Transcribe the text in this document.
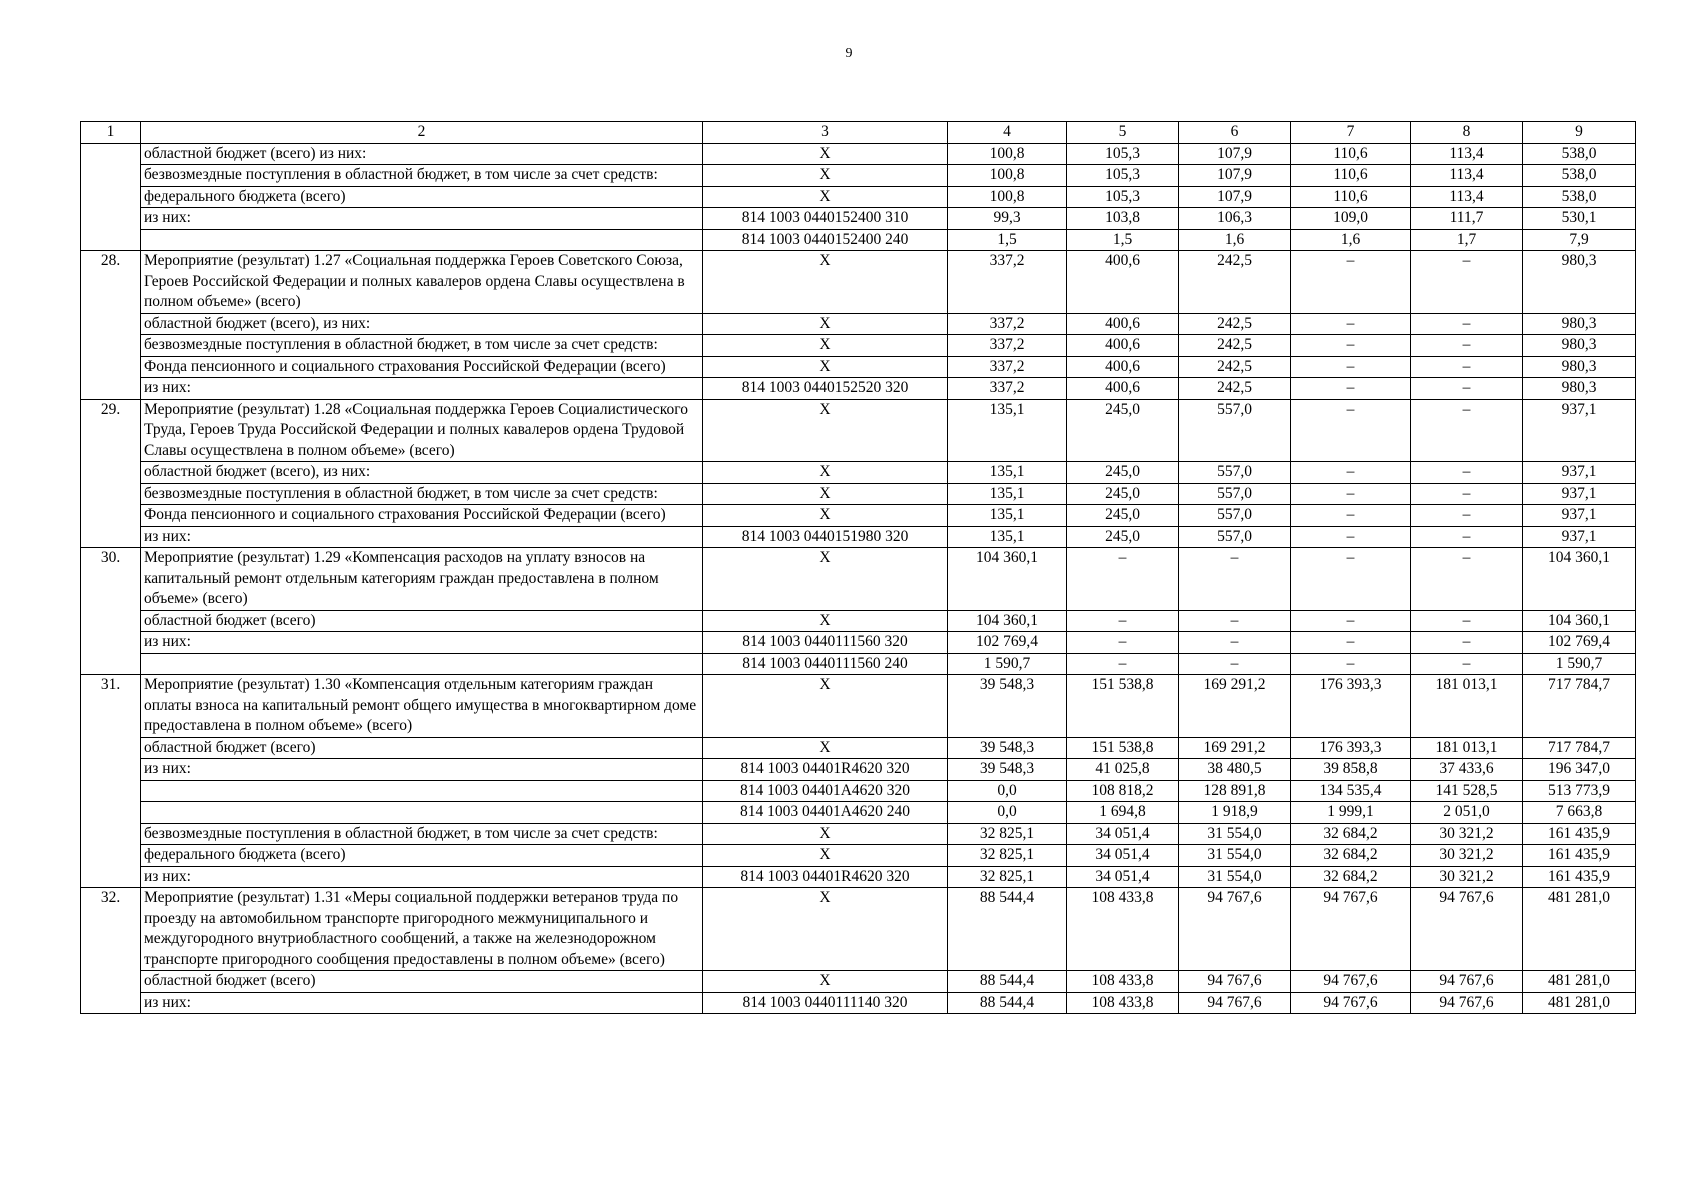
9
1	2	3	4	5	6	7	8	9
	областной бюджет (всего) из них:	Х	100,8	105,3	107,9	110,6	113,4	538,0
	безвозмездные поступления в областной бюджет, в том числе за счет средств:	Х	100,8	105,3	107,9	110,6	113,4	538,0
	федерального бюджета (всего)	Х	100,8	105,3	107,9	110,6	113,4	538,0
	из них:	814 1003 0440152400 310	99,3	103,8	106,3	109,0	111,7	530,1
		814 1003 0440152400 240	1,5	1,5	1,6	1,6	1,7	7,9
28.	Мероприятие (результат) 1.27 «Социальная поддержка Героев Советского Союза, Героев Российской Федерации и полных кавалеров ордена Славы осуществлена в полном объеме» (всего)	Х	337,2	400,6	242,5	–	–	980,3
	областной бюджет (всего), из них:	Х	337,2	400,6	242,5	–	–	980,3
	безвозмездные поступления в областной бюджет, в том числе за счет средств:	Х	337,2	400,6	242,5	–	–	980,3
	Фонда пенсионного и социального страхования Российской Федерации (всего)	Х	337,2	400,6	242,5	–	–	980,3
	из них:	814 1003 0440152520 320	337,2	400,6	242,5	–	–	980,3
29.	Мероприятие (результат) 1.28 «Социальная поддержка Героев Социалистического Труда, Героев Труда Российской Федерации и полных кавалеров ордена Трудовой Славы осуществлена в полном объеме» (всего)	Х	135,1	245,0	557,0	–	–	937,1
	областной бюджет (всего), из них:	Х	135,1	245,0	557,0	–	–	937,1
	безвозмездные поступления в областной бюджет, в том числе за счет средств:	Х	135,1	245,0	557,0	–	–	937,1
	Фонда пенсионного и социального страхования Российской Федерации (всего)	Х	135,1	245,0	557,0	–	–	937,1
	из них:	814 1003 0440151980 320	135,1	245,0	557,0	–	–	937,1
30.	Мероприятие (результат) 1.29 «Компенсация расходов на уплату взносов на капитальный ремонт отдельным категориям граждан предоставлена в полном объеме» (всего)	Х	104 360,1	–	–	–	–	104 360,1
	областной бюджет (всего)	Х	104 360,1	–	–	–	–	104 360,1
	из них:	814 1003 0440111560 320	102 769,4	–	–	–	–	102 769,4
		814 1003 0440111560 240	1 590,7	–	–	–	–	1 590,7
31.	Мероприятие (результат) 1.30 «Компенсация отдельным категориям граждан оплаты взноса на капитальный ремонт общего имущества в многоквартирном доме предоставлена в полном объеме» (всего)	Х	39 548,3	151 538,8	169 291,2	176 393,3	181 013,1	717 784,7
	областной бюджет (всего)	Х	39 548,3	151 538,8	169 291,2	176 393,3	181 013,1	717 784,7
	из них:	814 1003 04401R4620 320	39 548,3	41 025,8	38 480,5	39 858,8	37 433,6	196 347,0
		814 1003 04401А4620 320	0,0	108 818,2	128 891,8	134 535,4	141 528,5	513 773,9
		814 1003 04401А4620 240	0,0	1 694,8	1 918,9	1 999,1	2 051,0	7 663,8
	безвозмездные поступления в областной бюджет, в том числе за счет средств:	Х	32 825,1	34 051,4	31 554,0	32 684,2	30 321,2	161 435,9
	федерального бюджета (всего)	Х	32 825,1	34 051,4	31 554,0	32 684,2	30 321,2	161 435,9
	из них:	814 1003 04401R4620 320	32 825,1	34 051,4	31 554,0	32 684,2	30 321,2	161 435,9
32.	Мероприятие (результат) 1.31 «Меры социальной поддержки ветеранов труда по проезду на автомобильном транспорте пригородного межмуниципального и междугородного внутриобластного сообщений, а также на железнодорожном транспорте пригородного сообщения предоставлены в полном объеме» (всего)	Х	88 544,4	108 433,8	94 767,6	94 767,6	94 767,6	481 281,0
	областной бюджет (всего)	Х	88 544,4	108 433,8	94 767,6	94 767,6	94 767,6	481 281,0
	из них:	814 1003 0440111140 320	88 544,4	108 433,8	94 767,6	94 767,6	94 767,6	481 281,0
